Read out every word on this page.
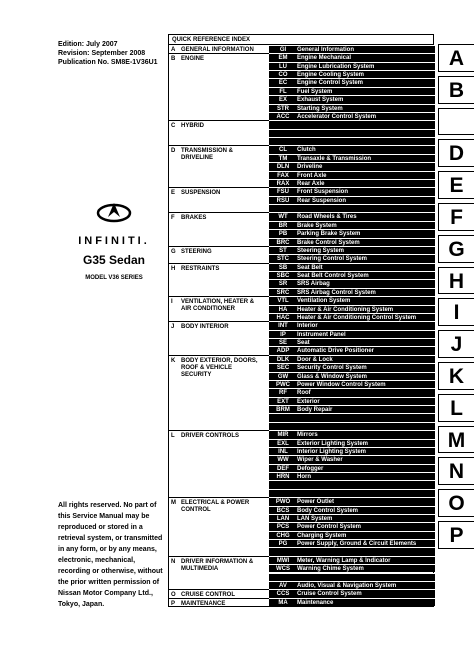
Edition: July 2007
Revision: September 2008
Publication No. SM8E-1V36U1
INFINITI.
G35 Sedan
MODEL V36 SERIES
All rights reserved. No part of this Service Manual may be reproduced or stored in a retrieval system, or transmitted in any form, or by any means, electronic, mechanical, recording or otherwise, without the prior written permission of Nissan Motor Company Ltd., Tokyo, Japan.
QUICK REFERENCE INDEX
A GENERAL INFORMATION
B ENGINE
C HYBRID
D TRANSMISSION & DRIVELINE
E SUSPENSION
F BRAKES
G STEERING
H RESTRAINTS
I VENTILATION, HEATER & AIR CONDITIONER
J BODY INTERIOR
K BODY EXTERIOR, DOORS, ROOF & VEHICLE SECURITY
L DRIVER CONTROLS
M ELECTRICAL & POWER CONTROL
N DRIVER INFORMATION & MULTIMEDIA
O CRUISE CONTROL
P MAINTENANCE
GI General Information
EM Engine Mechanical
LU Engine Lubrication System
CO Engine Cooling System
EC Engine Control System
FL Fuel System
EX Exhaust System
STR Starting System
ACC Accelerator Control System
CL Clutch
TM Transaxle & Transmission
DLN Driveline
FAX Front Axle
RAX Rear Axle
FSU Front Suspension
RSU Rear Suspension
WT Road Wheels & Tires
BR Brake System
PB Parking Brake System
BRC Brake Control System
ST Steering System
STC Steering Control System
SB Seat Belt
SBC Seat Belt Control System
SR SRS Airbag
SRC SRS Airbag Control System
VTL Ventilation System
HA Heater & Air Conditioning System
HAC Heater & Air Conditioning Control System
INT Interior
IP Instrument Panel
SE Seat
ADP Automatic Drive Positioner
DLK Door & Lock
SEC Security Control System
GW Glass & Window System
PWC Power Window Control System
RF Roof
EXT Exterior
BRM Body Repair
MIR Mirrors
EXL Exterior Lighting System
INL Interior Lighting System
WW Wiper & Washer
DEF Defogger
HRN Horn
PWO Power Outlet
BCS Body Control System
LAN LAN System
PCS Power Control System
CHG Charging System
PG Power Supply, Ground & Circuit Elements
MWI Meter, Warning Lamp & Indicator
WCS Warning Chime System
AV Audio, Visual & Navigation System
CCS Cruise Control System
MA Maintenance
A
B
D
E
F
G
H
I
J
K
L
M
N
O
P
